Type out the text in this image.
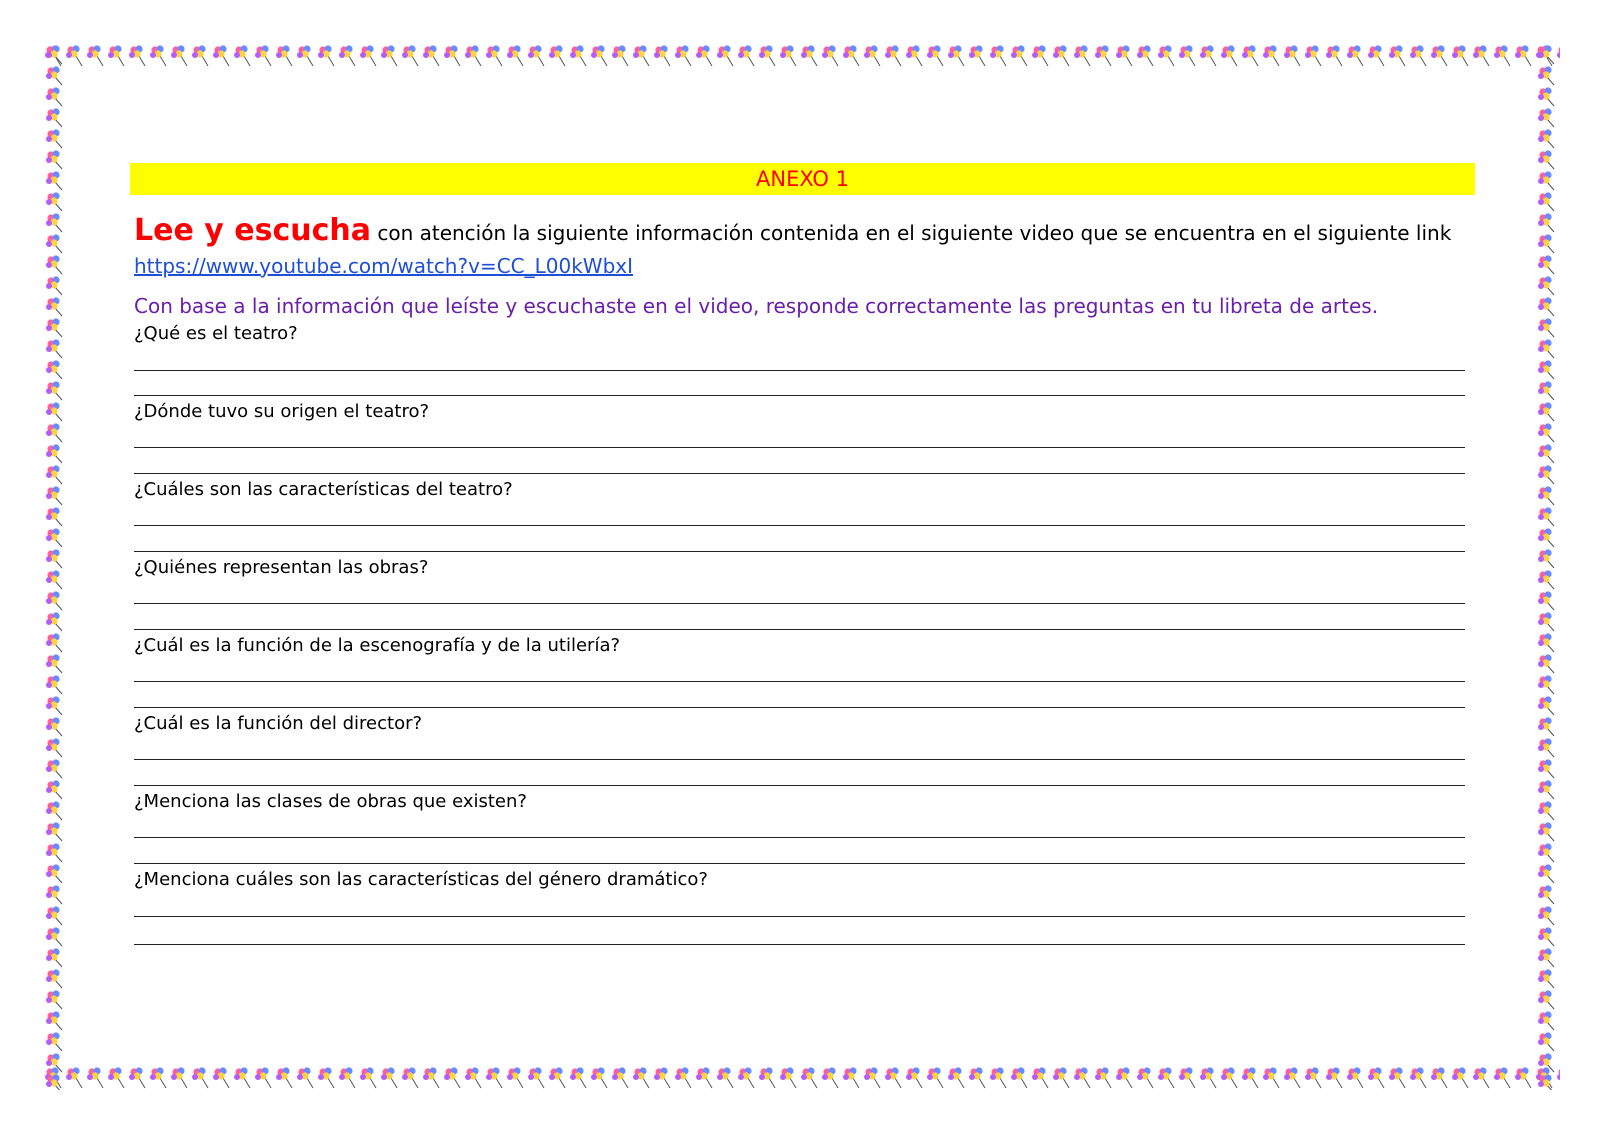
ANEXO 1
Lee y escucha con atención la siguiente información contenida en el siguiente video que se encuentra en el siguiente link
https://www.youtube.com/watch?v=CC_L00kWbxI
Con base a la información que leíste y escuchaste en el video, responde correctamente las preguntas en tu libreta de artes.
¿Qué es el teatro?
¿Dónde tuvo su origen el teatro?
¿Cuáles son las características del teatro?
¿Quiénes representan las obras?
¿Cuál es la función de la escenografía y de la utilería?
¿Cuál es la función del director?
¿Menciona las clases de obras que existen?
¿Menciona cuáles son las características del género dramático?
